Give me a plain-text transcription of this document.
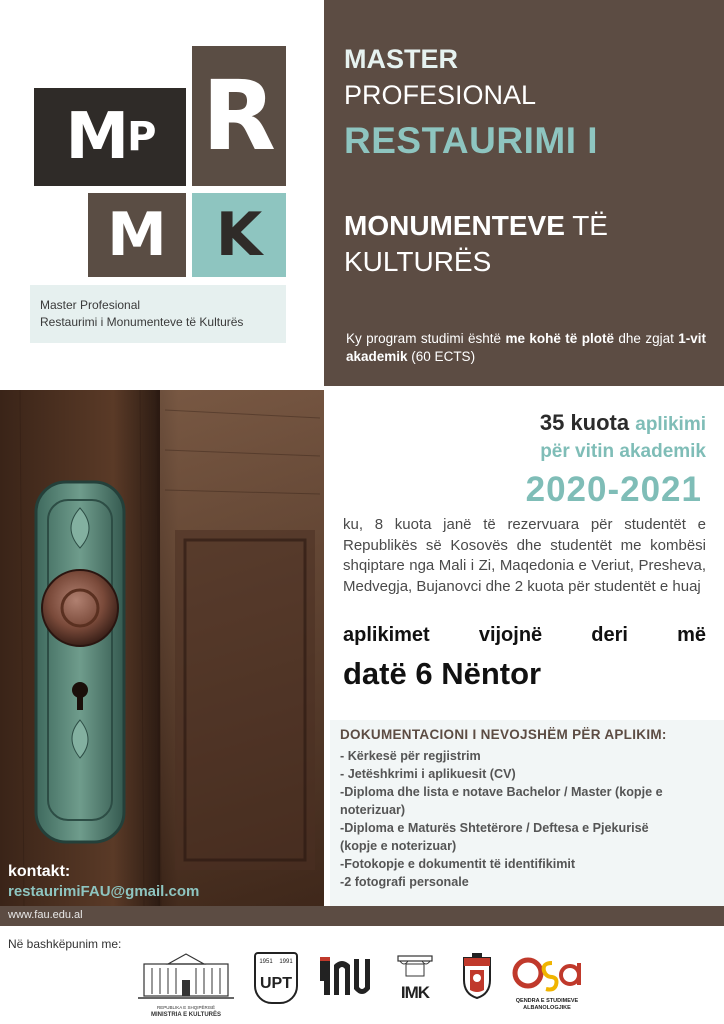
M P R
M K
Master Profesional
Restaurimi i Monumenteve të Kulturës
MASTER
PROFESIONAL
RESTAURIMI I
MONUMENTEVE TË
KULTURËS
Ky program studimi është me kohë të plotë dhe zgjat 1-vit akademik (60 ECTS)
kontakt:
restaurimiFAU@gmail.com
35 kuota aplikimi
për vitin akademik
2020-2021
ku, 8 kuota janë të rezervuara për studentët e Republikës së Kosovës dhe studentët me kombësi shqiptare nga Mali i Zi, Maqedonia e Veriut, Presheva, Medvegja, Bujanovci dhe 2 kuota për studentët e huaj
aplikimet vijojnë deri më
datë 6 Nëntor
DOKUMENTACIONI I NEVOJSHËM PËR APLIKIM:
- Kërkesë për regjistrim
- Jetëshkrimi i aplikuesit (CV)
-Diploma dhe lista e notave Bachelor / Master (kopje e noterizuar)
-Diploma e Maturës Shtetërore / Deftesa e Pjekurisë (kopje e noterizuar)
-Fotokopje e dokumentit të identifikimit
-2 fotografi personale
www.fau.edu.al
Në bashkëpunim me:
REPUBLIKA E SHQIPËRISË
MINISTRIA E KULTURËS
1951 1991
UPT	IMK	QENDRA E STUDIMEVE
ALBANOLOGJIKE
